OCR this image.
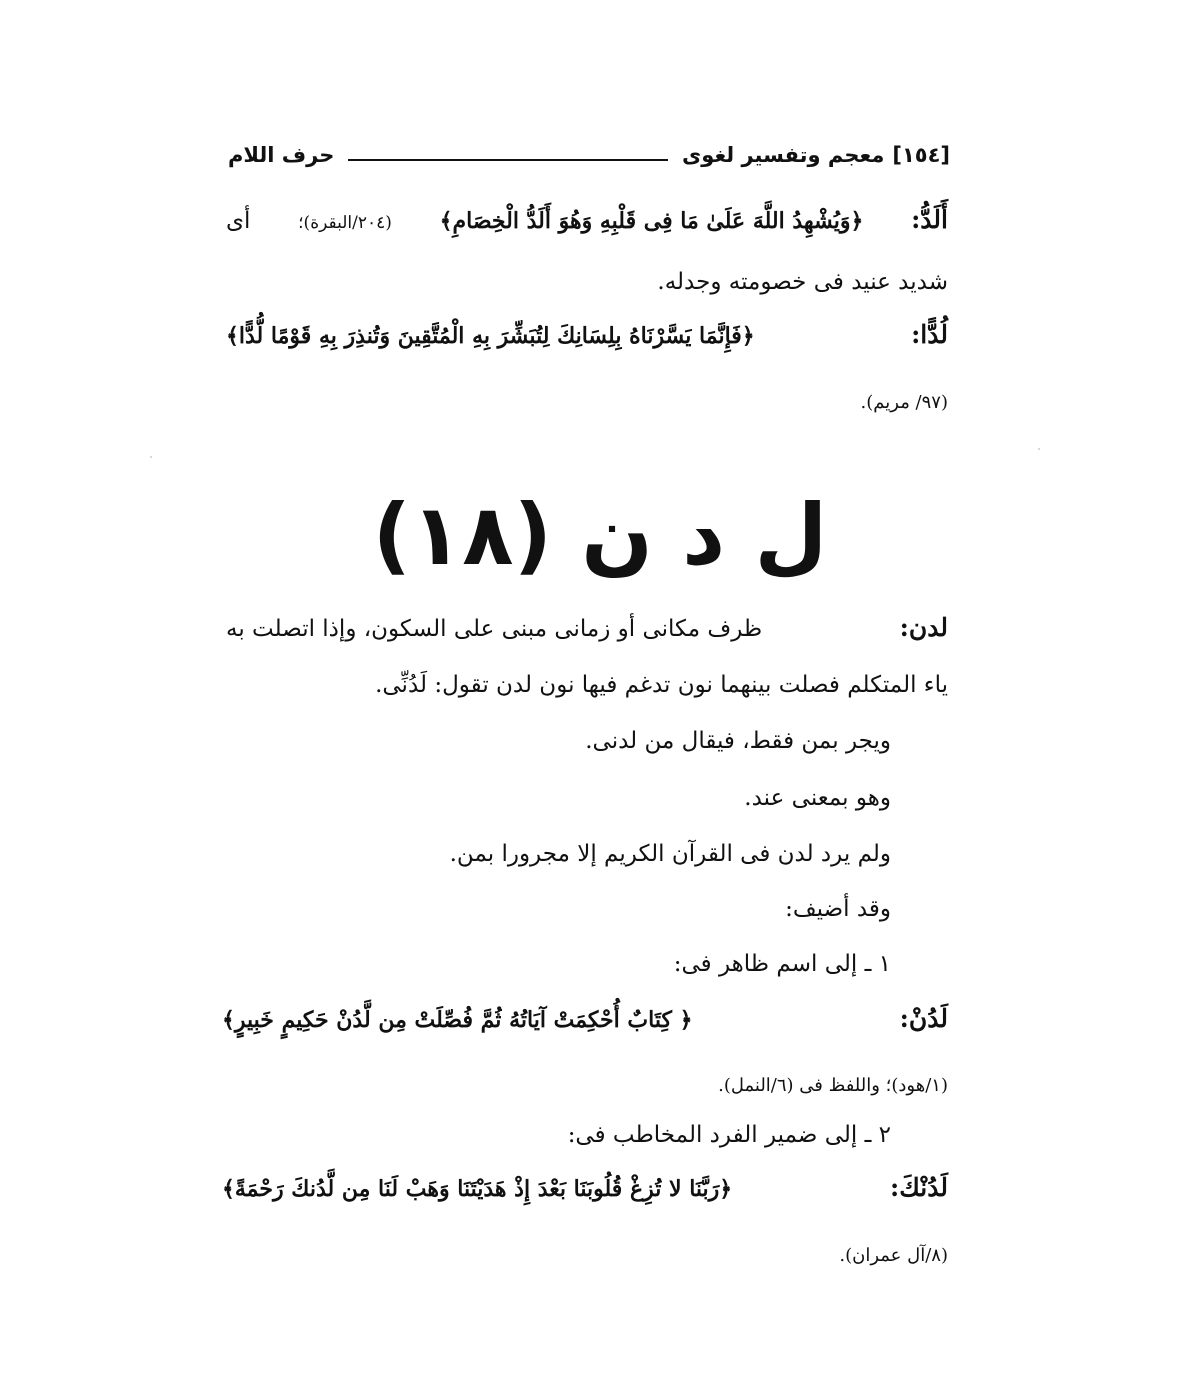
[١٥٤]
معجم وتفسير لغوى
حرف اللام
أَلَدُّ:
﴿وَيُشْهِدُ اللَّهَ عَلَىٰ مَا فِى قَلْبِهِ وَهُوَ أَلَدُّ الْخِصَامِ﴾
(٢٠٤/البقرة)؛
أى
شديد عنيد فى خصومته وجدله.
لُدًّا:
﴿فَإِنَّمَا يَسَّرْنَاهُ بِلِسَانِكَ لِتُبَشِّرَ بِهِ الْمُتَّقِينَ وَتُنذِرَ بِهِ قَوْمًا لُّدًّا﴾
(٩٧/ مريم).
ل د ن (١٨)
لدن:
ظرف مكانى أو زمانى مبنى على السكون، وإذا اتصلت به
ياء المتكلم فصلت بينهما نون تدغم فيها نون لدن تقول: لَدُنِّى.
ويجر بمن فقط، فيقال من لدنى.
وهو بمعنى عند.
ولم يرد لدن فى القرآن الكريم إلا مجرورا بمن.
وقد أضيف:
١ ـ إلى اسم ظاهر فى:
لَدُنْ:
﴿ كِتَابٌ أُحْكِمَتْ آيَاتُهُ ثُمَّ فُصِّلَتْ مِن لَّدُنْ حَكِيمٍ خَبِيرٍ﴾
(١/هود)؛ واللفظ فى (٦/النمل).
٢ ـ إلى ضمير الفرد المخاطب فى:
لَدُنْكَ:
﴿رَبَّنَا لا تُزِغْ قُلُوبَنَا بَعْدَ إِذْ هَدَيْتَنَا وَهَبْ لَنَا مِن لَّدُنكَ رَحْمَةً﴾
(٨/آل عمران).
